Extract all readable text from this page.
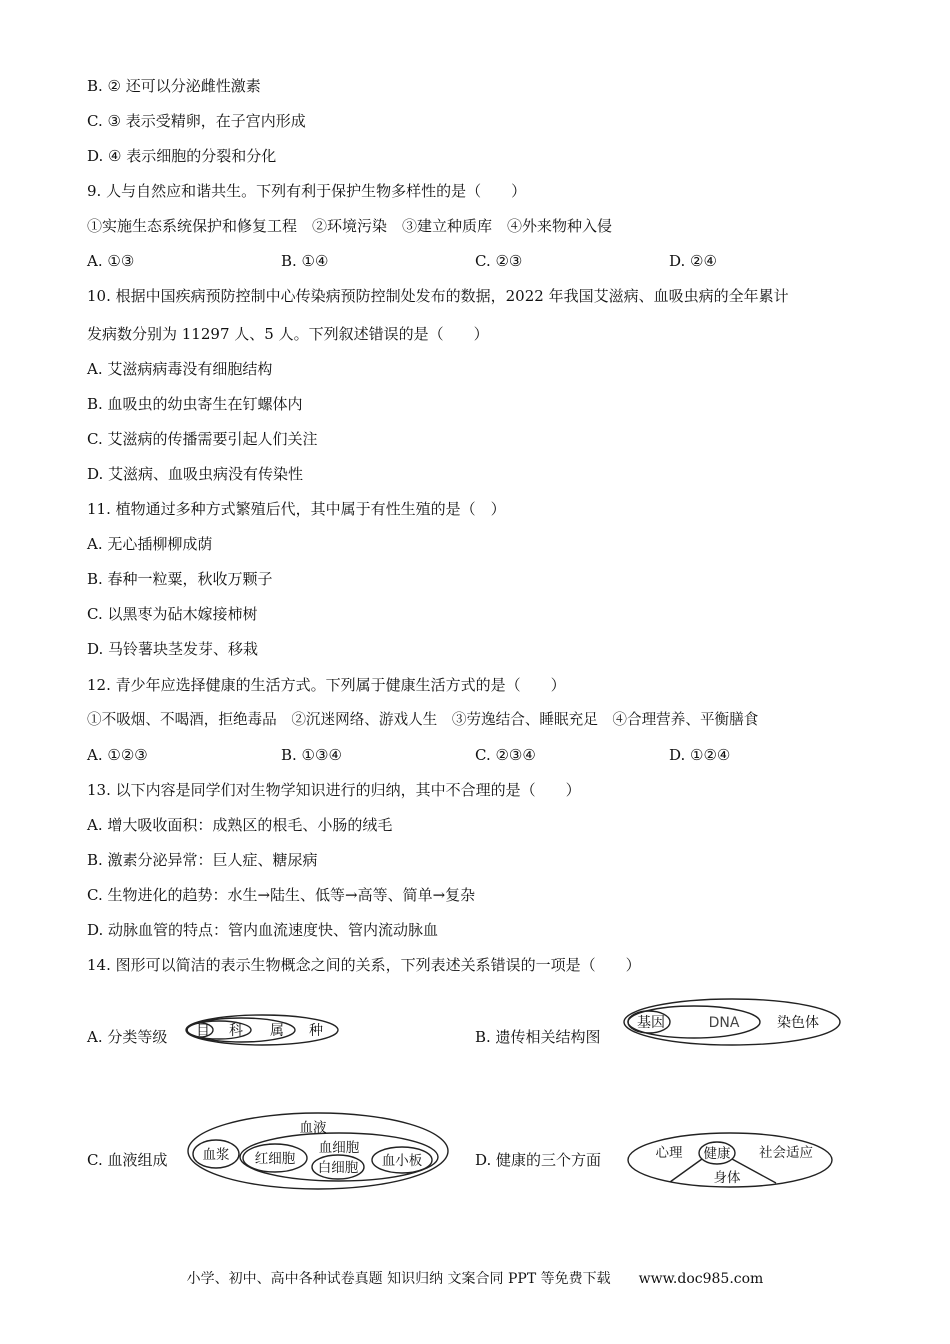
B. ② 还可以分泌雌性激素
C. ③ 表示受精卵，在子宫内形成
D. ④ 表示细胞的分裂和分化
9. 人与自然应和谐共生。下列有利于保护生物多样性的是（　　）
①实施生态系统保护和修复工程　②环境污染　③建立种质库　④外来物种入侵
A. ①③	B. ①④	C. ②③	D. ②④
10. 根据中国疾病预防控制中心传染病预防控制处发布的数据，2022 年我国艾滋病、血吸虫病的全年累计
发病数分别为 11297 人、5 人。下列叙述错误的是（　　）
A. 艾滋病病毒没有细胞结构
B. 血吸虫的幼虫寄生在钉螺体内
C. 艾滋病的传播需要引起人们关注
D. 艾滋病、血吸虫病没有传染性
11. 植物通过多种方式繁殖后代，其中属于有性生殖的是（　）
A. 无心插柳柳成荫
B. 春种一粒粟，秋收万颗子
C. 以黑枣为砧木嫁接柿树
D. 马铃薯块茎发芽、移栽
12. 青少年应选择健康的生活方式。下列属于健康生活方式的是（　　）
①不吸烟、不喝酒，拒绝毒品　②沉迷网络、游戏人生　③劳逸结合、睡眠充足　④合理营养、平衡膳食
A. ①②③	B. ①③④	C. ②③④	D. ①②④
13. 以下内容是同学们对生物学知识进行的归纳，其中不合理的是（　　）
A. 增大吸收面积：成熟区的根毛、小肠的绒毛
B. 激素分泌异常：巨人症、糖尿病
C. 生物进化的趋势：水生→陆生、低等→高等、简单→复杂
D. 动脉血管的特点：管内血流速度快、管内流动脉血
14. 图形可以简洁的表示生物概念之间的关系，下列表述关系错误的一项是（　　）
A. 分类等级 目 科 属 种	B. 遗传相关结构图
基因	DNA	染色体
C. 血液组成
血液
血浆	血细胞
红细胞
白细胞 血小板	D. 健康的三个方面	心理 健康 社会适应
身体
小学、初中、高中各种试卷真题 知识归纳 文案合同 PPT 等免费下载　　www.doc985.com
